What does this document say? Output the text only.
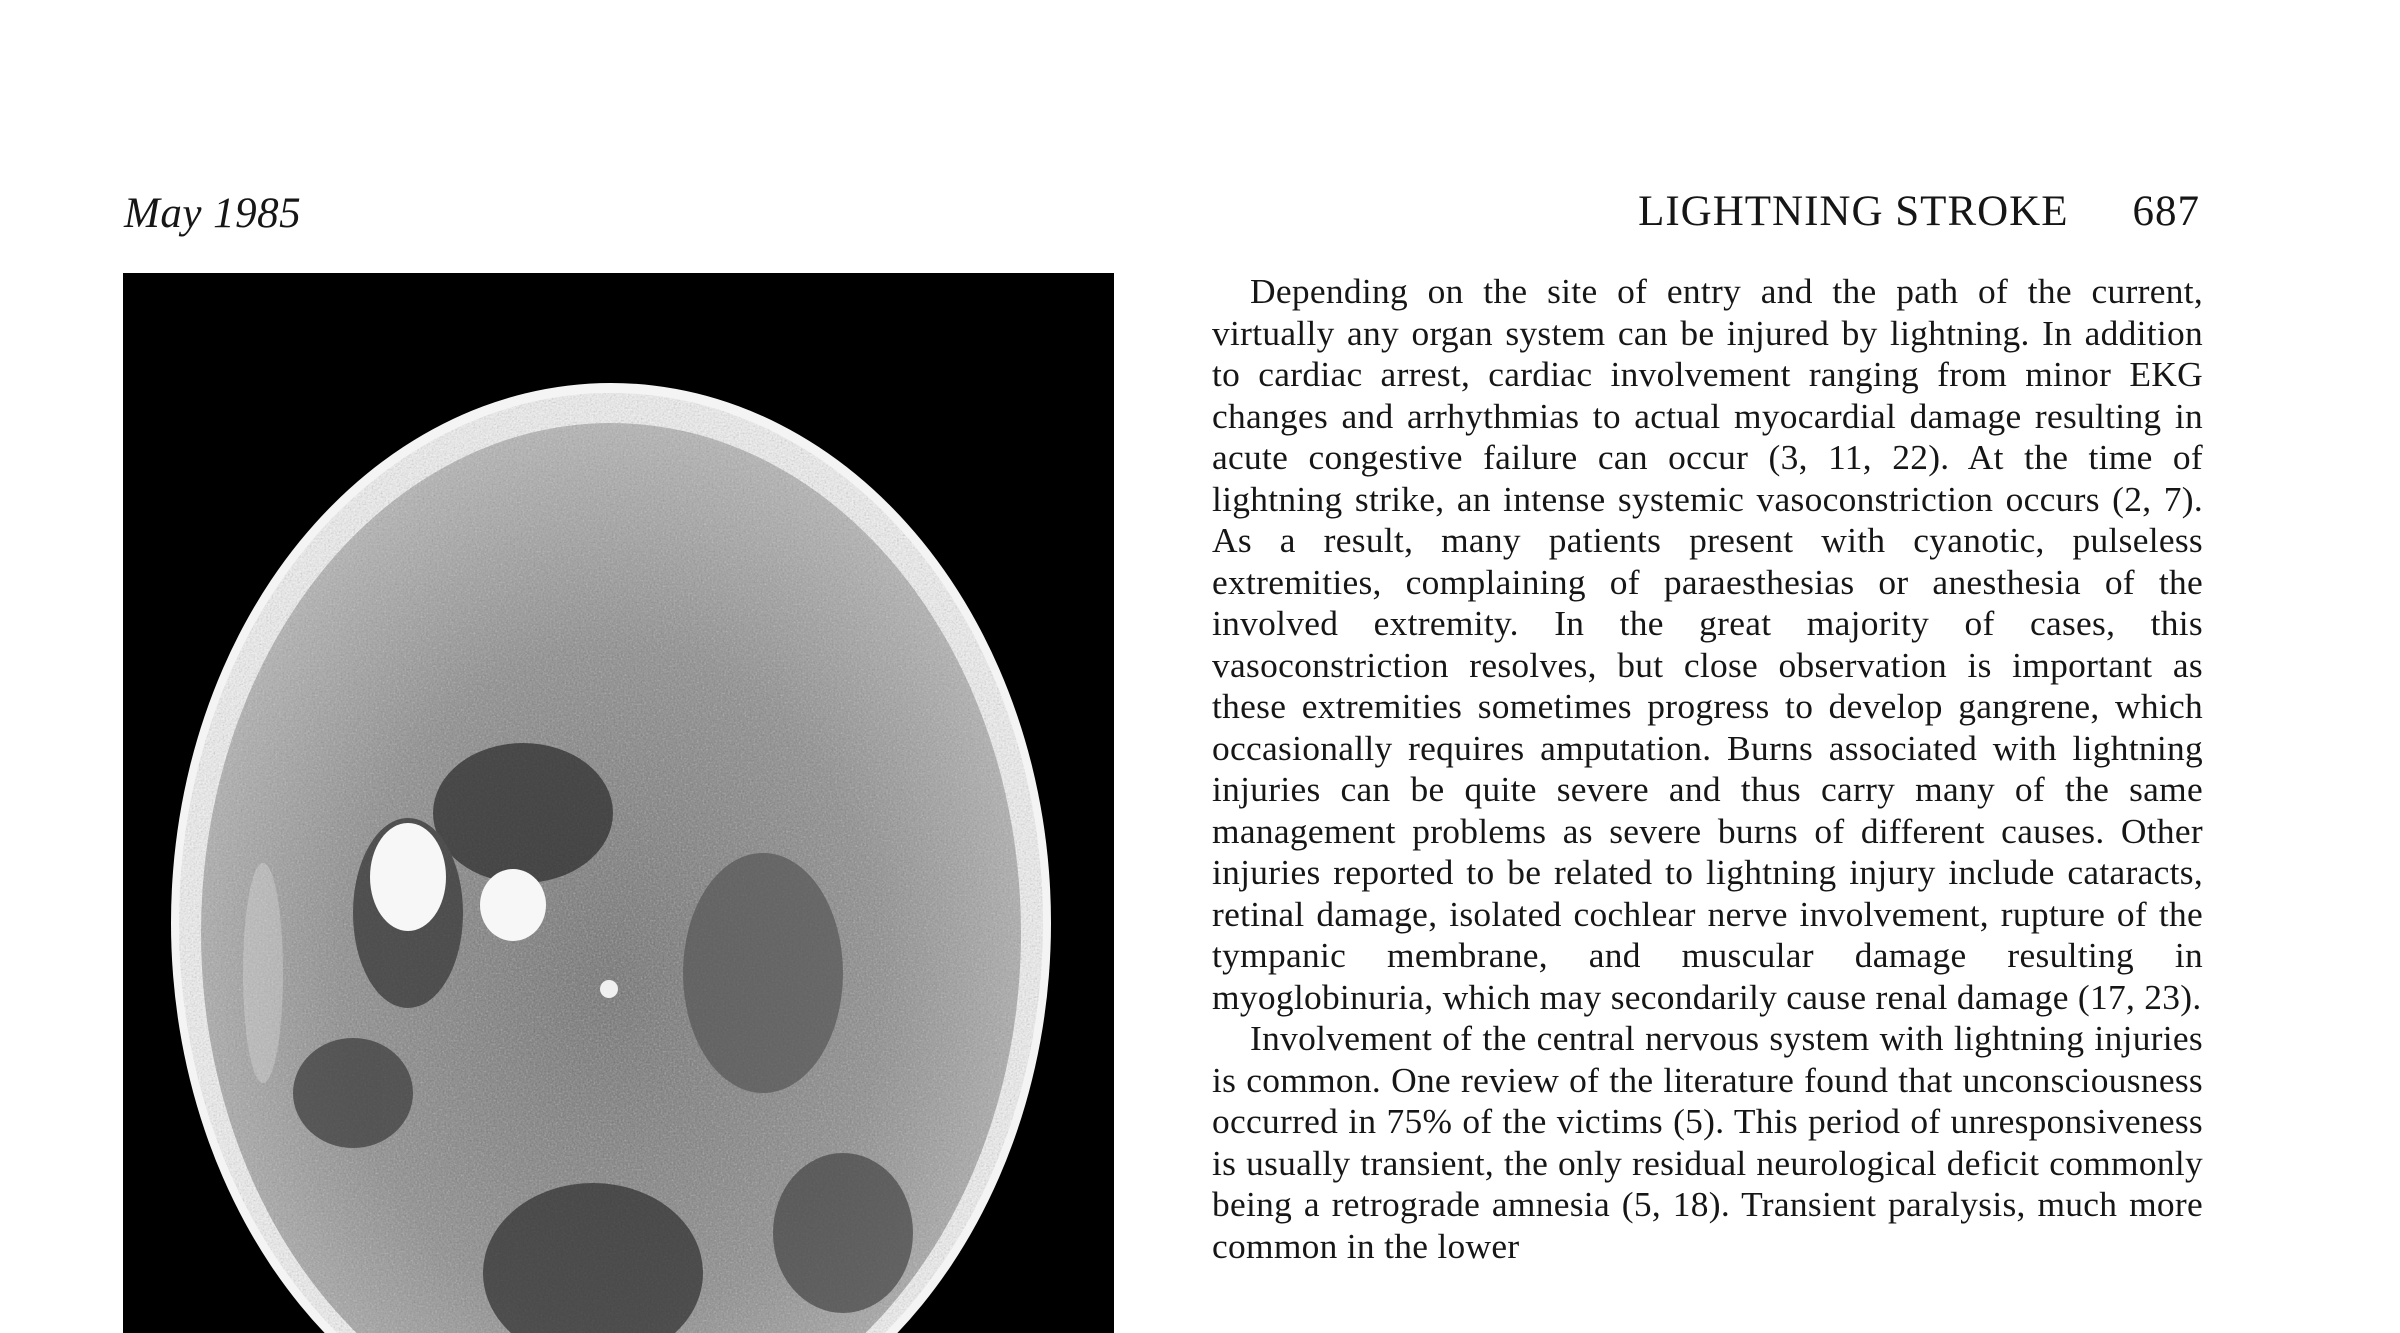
May 1985	LIGHTNING STROKE 687

Depending on the site of entry and the path of the current, virtually any organ system can be injured by lightning. In addition to cardiac arrest, cardiac involvement ranging from minor EKG changes and arrhythmias to actual myocardial damage resulting in acute congestive failure can occur (3, 11, 22). At the time of lightning strike, an intense systemic vasoconstriction occurs (2, 7). As a result, many patients present with cyanotic, pulseless extremities, complaining of paraesthesias or anesthesia of the involved extremity. In the great majority of cases, this vasoconstriction resolves, but close observation is important as these extremities sometimes progress to develop gangrene, which occasionally requires amputation. Burns associated with lightning injuries can be quite severe and thus carry many of the same management problems as severe burns of different causes. Other injuries reported to be related to lightning injury include cataracts, retinal damage, isolated cochlear nerve involvement, rupture of the tympanic membrane, and muscular damage resulting in myoglobinuria, which may secondarily cause renal damage (17, 23).

Involvement of the central nervous system with lightning injuries is common. One review of the literature found that unconsciousness occurred in 75% of the victims (5). This period of unresponsiveness is usually transient, the only residual neurological deficit commonly being a retrograde amnesia (5, 18). Transient paralysis, much more common in the lower
